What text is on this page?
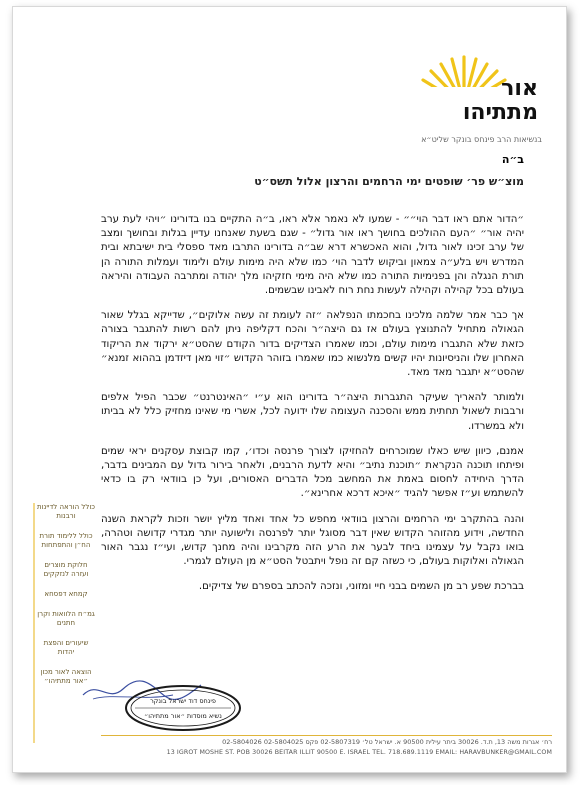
אור
מתתיהו
בנשיאות הרב פינחס בונקר שליט״א
ב״ה
מוצ״ש פר׳ שופטים ימי הרחמים והרצון אלול תשס״ט

״הדור אתם ראו דבר הוי״״ - שמעו לא נאמר אלא ראו, ב״ה התקיים בנו בדורינו ״ויהי לעת ערב יהיה אור״ ״העם ההולכים בחושך ראו אור גדול״ - שגם בשעת שאנחנו עדיין בגלות ובחושך ומצב של ערב זכינו לאור גדול, והוא האכשרא דרא שב״ה בדורינו התרבו מאד ספסלי בית ישיבתא ובית המדרש ויש בלע״ה צמאון וביקוש לדבר הוי׳ כמו שלא היה מימות עולם ולימוד ועמלות התורה הן תורת הנגלה והן בפנימיות התורה כמו שלא היה מימי חזקיהו מלך יהודה ומתרבה העבודה והיראה בעולם בכל קהילה וקהילה לעשות נחת רוח לאבינו שבשמים.

אך כבר אמר שלמה מלכינו בחכמתו הנפלאה ״זה לעומת זה עשה אלוקים״, שדייקא בגלל שאור הגאולה מתחיל להתנוצץ בעולם אז גם היצה״ר והכח דקליפה ניתן להם רשות להתגבר בצורה כזאת שלא התגברו מימות עולם, וכמו שאמרו הצדיקים בדור הקודם שהסט״א ירקוד את הריקוד האחרון שלו והניסיונות יהיו קשים מלנשוא כמו שאמרו בזוהר הקדוש ״זוי מאן דיזדמן בההוא זמנא״ שהסט״א יתגבר מאד מאד.

ולמותר להאריך שעיקר התגברות היצה״ר בדורינו הוא ע״י ״האינטרנט״ שכבר הפיל אלפים ורבבות לשאול תחתית ממש והסכנה העצומה שלו ידועה לכל, אשרי מי שאינו מחזיק כלל לא בביתו ולא במשרדו.

אמנם, כיוון שיש כאלו שמוכרחים להחזיקו לצורך פרנסה וכדו׳, קמו קבוצת עסקנים יראי שמים ופיתחו תוכנה הנקראת ״תוכנת נתיב״ והיא לדעת הרבנים, ולאחר בירור גדול עם המבינים בדבר, הדרך היחידה לחסום באמת את המחשב מכל הדברים האסורים, ועל כן בוודאי רק בו כדאי להשתמש וע״ז אפשר להגיד ״איכא דרכא אחרינא״.

והנה בהתקרב ימי הרחמים והרצון בוודאי מחפש כל אחד ואחד מליץ יושר וזכות לקראת השנה החדשה, וידוע מהזוהר הקדוש שאין דבר מסוגל יותר לפרנסה ולישועה יותר מגדרי קדושה וטהרה, בואו נקבל על עצמינו ביחד לבער את הרע הזה מקרבינו והיה מחנך קדוש, ועי״ז נגבר האור הגאולה ואלוקות בעולם, כי כשזה קם זה נופל ויתבטל הסט״א מן העולם לגמרי.

בברכת שפע רב מן השמים בבני חיי ומזוני, ונזכה להכתב בספרם של צדיקים.

כולל הוראה לדיינות ורבנות
כולל ללימוד תורת הח״ן והתפתחות
חלוקת מוצרים ועזרה לנזקקים
קמחא דפסחא
גמ״ח הלוואות וקרן חתנים
שיעורים והפצת יהדות
הוצאה לאור מכון ״אור מתתיהו״
פינחס דוד ישראל בונקר
נשיא מוסדות ״אור מתתיהו״
רח׳ אגרות משה 13, ת.ד. 30026 ביתר עילית 90500 א. ישראל טל׳ 02-5807319 פקס 02-5804025 02-5804026
13 IGROT MOSHE ST. POB 30026 BEITAR ILLIT 90500 E. ISRAEL TEL. 718.689.1119 EMAIL: HARAVBUNKER@GMAIL.COM
